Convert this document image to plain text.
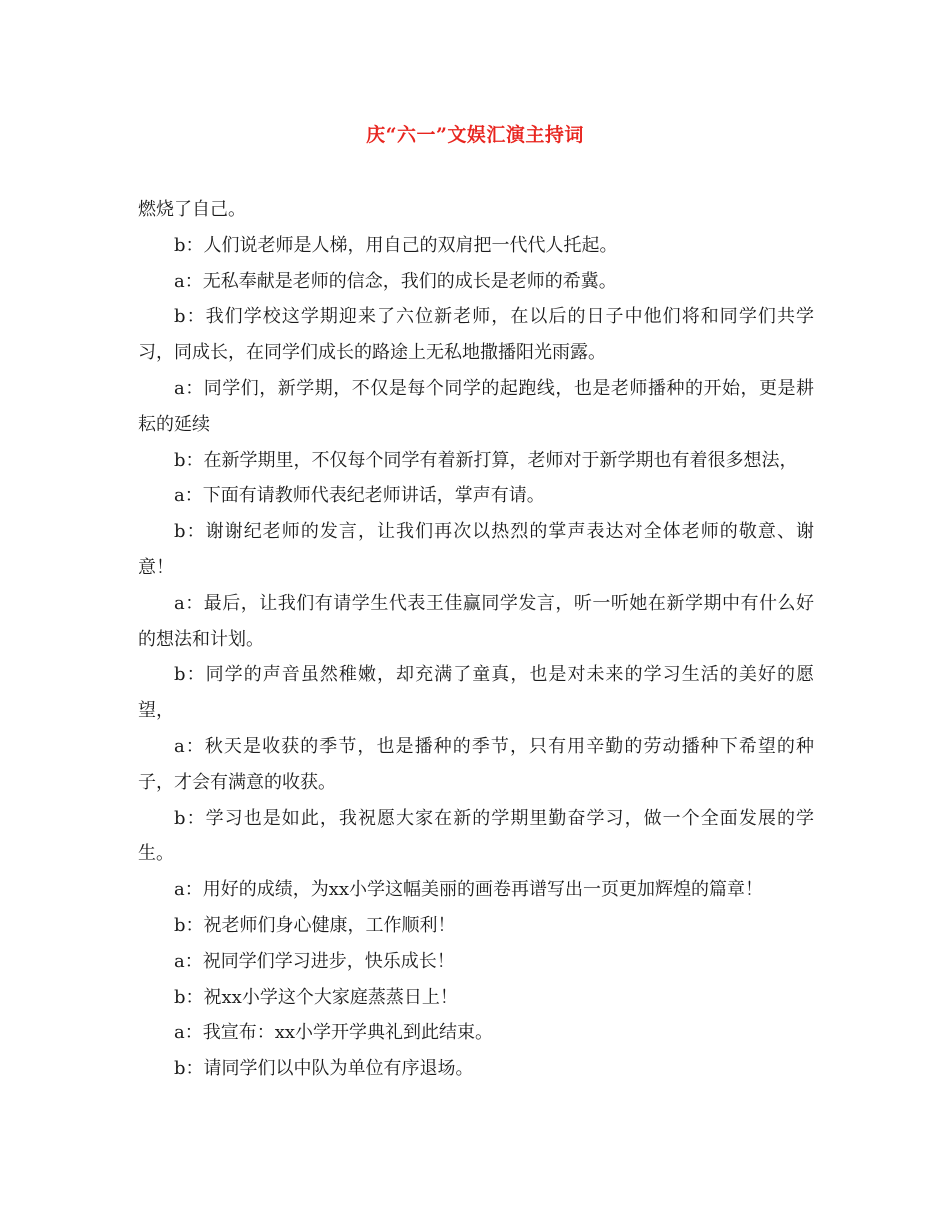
庆“六一”文娱汇演主持词

燃烧了自己。

b：人们说老师是人梯，用自己的双肩把一代代人托起。

a：无私奉献是老师的信念，我们的成长是老师的希冀。

b：我们学校这学期迎来了六位新老师，在以后的日子中他们将和同学们共学习，同成长，在同学们成长的路途上无私地撒播阳光雨露。

a：同学们，新学期，不仅是每个同学的起跑线，也是老师播种的开始，更是耕耘的延续

b：在新学期里，不仅每个同学有着新打算，老师对于新学期也有着很多想法，

a：下面有请教师代表纪老师讲话，掌声有请。

b：谢谢纪老师的发言，让我们再次以热烈的掌声表达对全体老师的敬意、谢意！

a：最后，让我们有请学生代表王佳赢同学发言，听一听她在新学期中有什么好的想法和计划。

b：同学的声音虽然稚嫩，却充满了童真，也是对未来的学习生活的美好的愿望，

a：秋天是收获的季节，也是播种的季节，只有用辛勤的劳动播种下希望的种子，才会有满意的收获。

b：学习也是如此，我祝愿大家在新的学期里勤奋学习，做一个全面发展的学生。

a：用好的成绩，为xx小学这幅美丽的画卷再谱写出一页更加辉煌的篇章！

b：祝老师们身心健康，工作顺利！

a：祝同学们学习进步，快乐成长！

b：祝xx小学这个大家庭蒸蒸日上！

a：我宣布：xx小学开学典礼到此结束。

b：请同学们以中队为单位有序退场。
